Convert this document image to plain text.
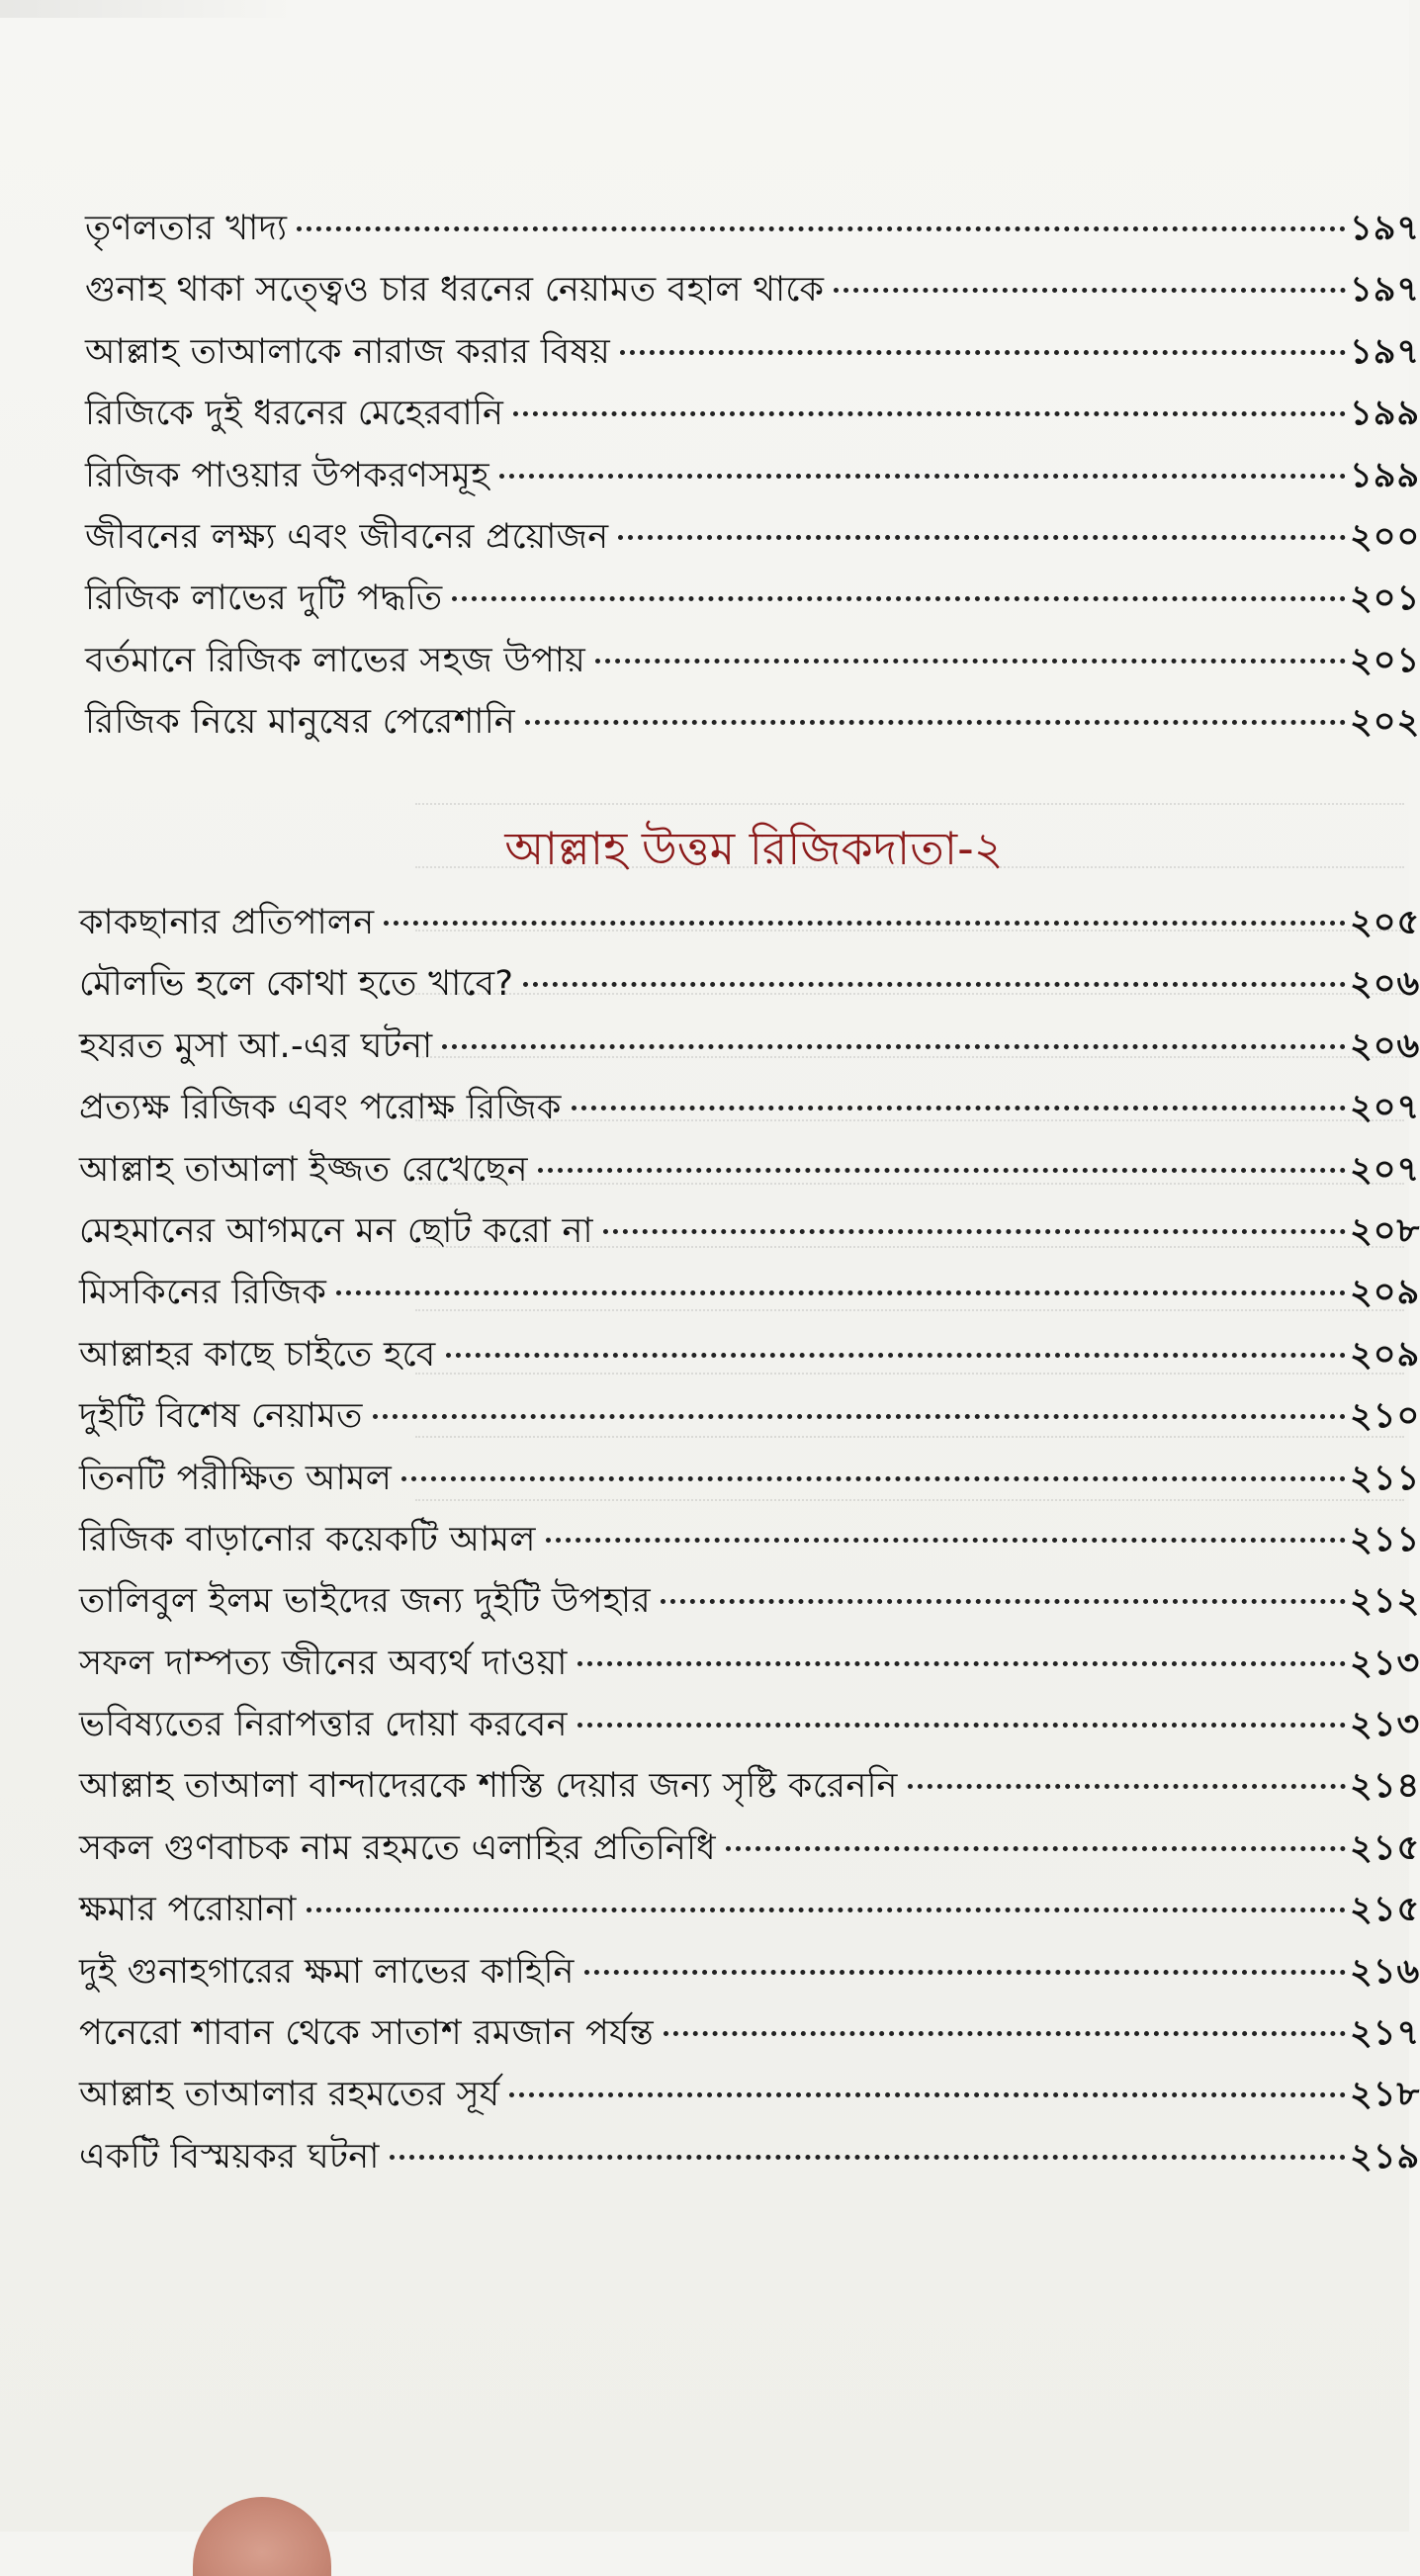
তৃণলতার খাদ্য	১৯৭
গুনাহ থাকা সত্ত্বেও চার ধরনের নেয়ামত বহাল থাকে	১৯৭
আল্লাহ তাআলাকে নারাজ করার বিষয়	১৯৭
রিজিকে দুই ধরনের মেহেরবানি	১৯৯
রিজিক পাওয়ার উপকরণসমূহ	১৯৯
জীবনের লক্ষ্য এবং জীবনের প্রয়োজন	২০০
রিজিক লাভের দুটি পদ্ধতি	২০১
বর্তমানে রিজিক লাভের সহজ উপায়	২০১
রিজিক নিয়ে মানুষের পেরেশানি	২০২
আল্লাহ উত্তম রিজিকদাতা-২
কাকছানার প্রতিপালন	২০৫
মৌলভি হলে কোথা হতে খাবে?	২০৬
হযরত মুসা আ.-এর ঘটনা	২০৬
প্রত্যক্ষ রিজিক এবং পরোক্ষ রিজিক	২০৭
আল্লাহ তাআলা ইজ্জত রেখেছেন	২০৭
মেহমানের আগমনে মন ছোট করো না	২০৮
মিসকিনের রিজিক	২০৯
আল্লাহর কাছে চাইতে হবে	২০৯
দুইটি বিশেষ নেয়ামত	২১০
তিনটি পরীক্ষিত আমল	২১১
রিজিক বাড়ানোর কয়েকটি আমল	২১১
তালিবুল ইলম ভাইদের জন্য দুইটি উপহার	২১২
সফল দাম্পত্য জীনের অব্যর্থ দাওয়া	২১৩
ভবিষ্যতের নিরাপত্তার দোয়া করবেন	২১৩
আল্লাহ তাআলা বান্দাদেরকে শাস্তি দেয়ার জন্য সৃষ্টি করেননি	২১৪
সকল গুণবাচক নাম রহমতে এলাহির প্রতিনিধি	২১৫
ক্ষমার পরোয়ানা	২১৫
দুই গুনাহগারের ক্ষমা লাভের কাহিনি	২১৬
পনেরো শাবান থেকে সাতাশ রমজান পর্যন্ত	২১৭
আল্লাহ তাআলার রহমতের সূর্য	২১৮
একটি বিস্ময়কর ঘটনা	২১৯
